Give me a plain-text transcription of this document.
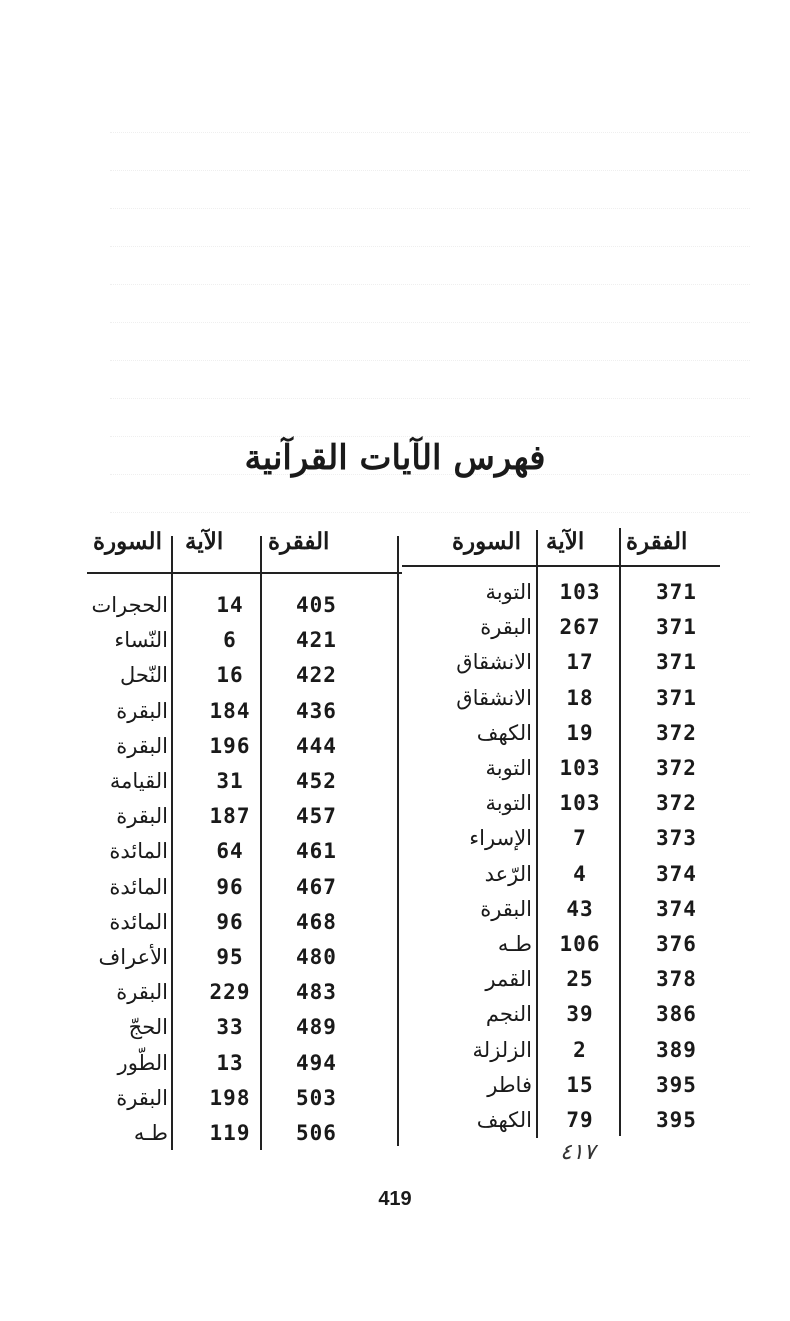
فهرس الآيات القرآنية
الفقرة
الآية
السورة
الفقرة
الآية
السورة
371
103
التوبة
371
267
البقرة
371
17
الانشقاق
371
18
الانشقاق
372
19
الكهف
372
103
التوبة
372
103
التوبة
373
7
الإسراء
374
4
الرّعد
374
43
البقرة
376
106
طـه
378
25
القمر
386
39
النجم
389
2
الزلزلة
395
15
فاطر
395
79
الكهف
405
14
الحجرات
421
6
النّساء
422
16
النّحل
436
184
البقرة
444
196
البقرة
452
31
القيامة
457
187
البقرة
461
64
المائدة
467
96
المائدة
468
96
المائدة
480
95
الأعراف
483
229
البقرة
489
33
الحجّ
494
13
الطّور
503
198
البقرة
506
119
طـه
٤١٧
419
